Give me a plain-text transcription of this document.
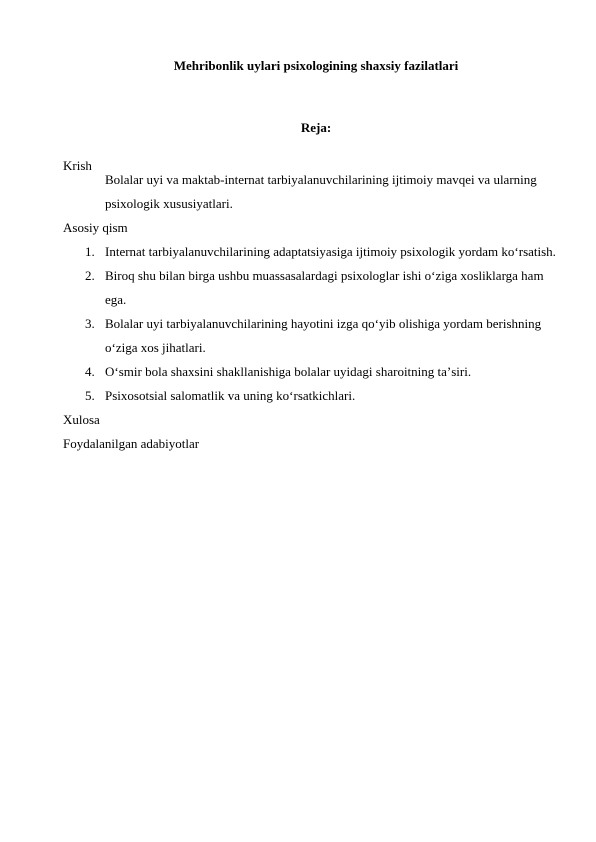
Mehribonlik uylari psixologining shaxsiy fazilatlari
Reja:
Krish
Bolalar uyi va maktab-internat tarbiyalanuvchilarining ijtimoiy mavqei va ularning psixologik xususiyatlari.
Asosiy qism
1. Internat tarbiyalanuvchilarining adaptatsiyasiga ijtimoiy psixologik yordam koʻrsatish.
2. Biroq shu bilan birga ushbu muassasalardagi psixologlar ishi oʻziga xosliklarga ham ega.
3. Bolalar uyi tarbiyalanuvchilarining hayotini izga qoʻyib olishiga yordam berishning oʻziga xos jihatlari.
4. Oʻsmir bola shaxsini shakllanishiga bolalar uyidagi sharoitning taʼsiri.
5. Psixosotsial salomatlik va uning koʻrsatkichlari.
Xulosa
Foydalanilgan adabiyotlar
